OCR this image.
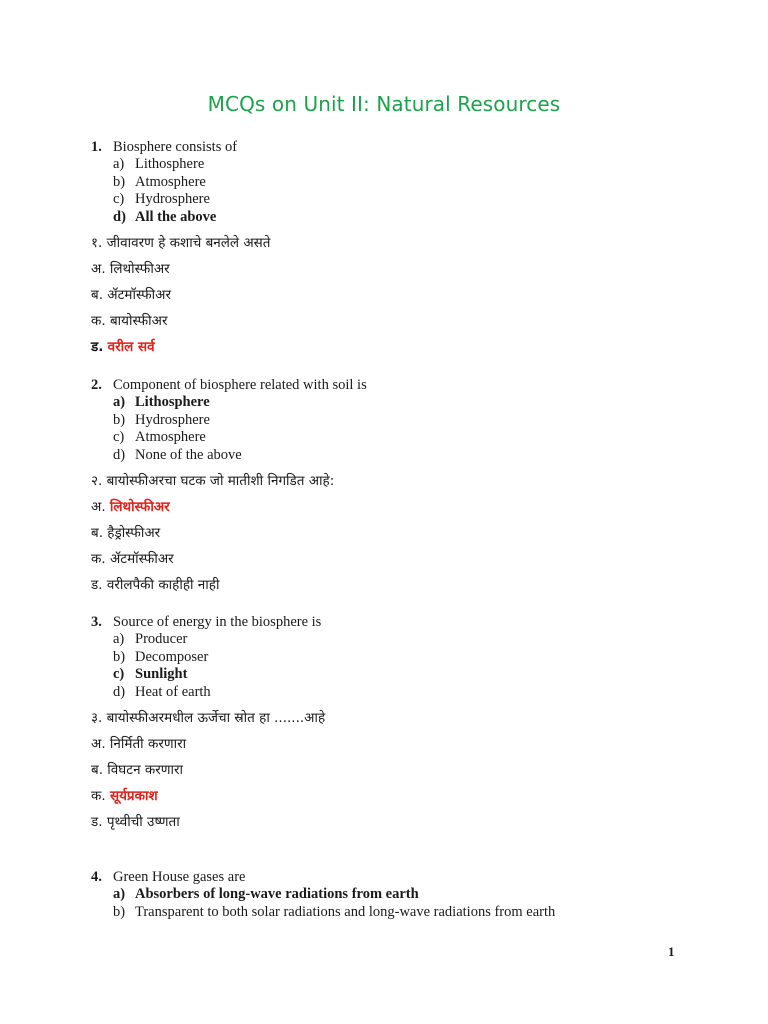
MCQs on Unit II: Natural Resources
1. Biosphere consists of
a) Lithosphere
b) Atmosphere
c) Hydrosphere
d) All the above
१. जीवावरण हे कशाचे बनलेले असते
अ. लिथोस्फीअर
ब. ॲटमॉस्फीअर
क. बायोस्फीअर
ड. वरील सर्व
2. Component of biosphere related with soil is
a) Lithosphere
b) Hydrosphere
c) Atmosphere
d) None of the above
२. बायोस्फीअरचा घटक जो मातीशी निगडित आहे:
अ. लिथोस्फीअर
ब. हैड्रोस्फीअर
क. ॲटमॉस्फीअर
ड. वरीलपैकी काहीही नाही
3. Source of energy in the biosphere is
a) Producer
b) Decomposer
c) Sunlight
d) Heat of earth
३. बायोस्फीअरमधील ऊर्जेचा स्रोत हा .......आहे
अ. निर्मिती करणारा
ब. विघटन करणारा
क. सूर्यप्रकाश
ड. पृथ्वीची उष्णता
4. Green House gases are
a) Absorbers of long-wave radiations from earth
b) Transparent to both solar radiations and long-wave radiations from earth
1
